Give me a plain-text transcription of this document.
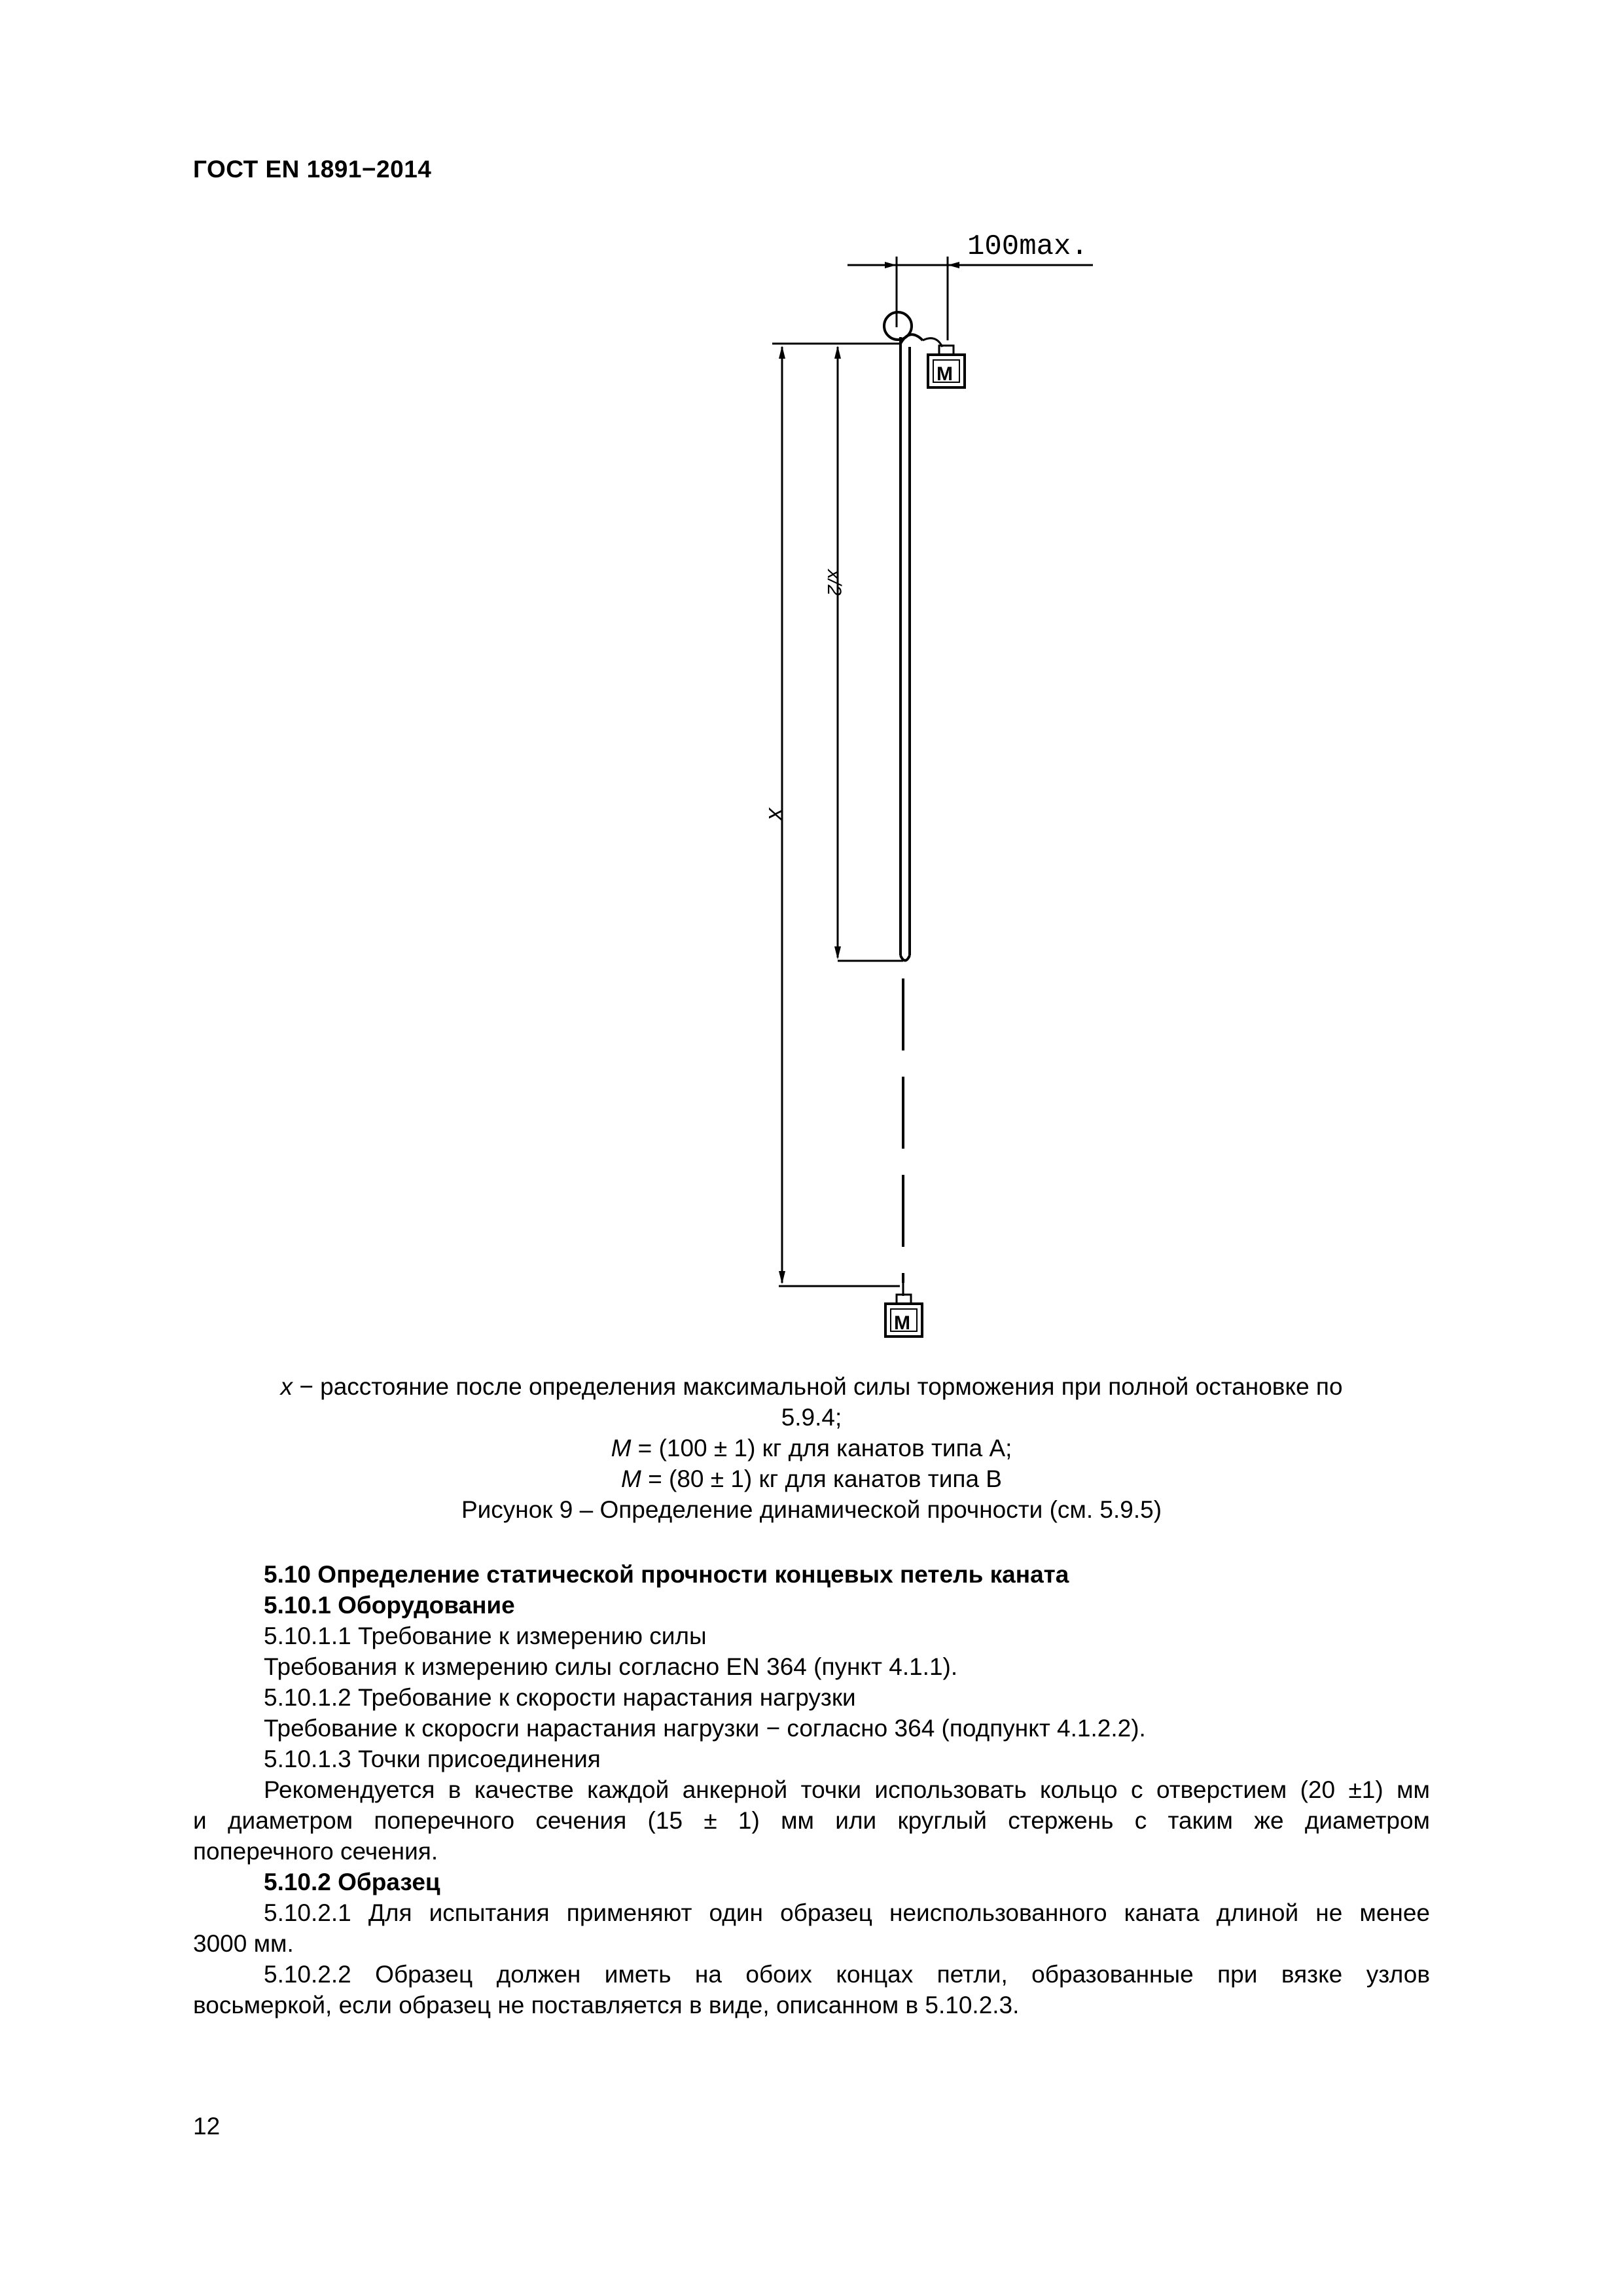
ГОСТ EN 1891−2014
100max.
M
x/2
x
M
x − расстояние после определения максимальной силы торможения при полной остановке по
5.9.4;
M = (100 ± 1) кг для канатов типа А;
M = (80 ± 1) кг для канатов типа В
Рисунок 9 – Определение динамической прочности (см. 5.9.5)
5.10 Определение статической прочности концевых петель каната
5.10.1 Оборудование
5.10.1.1 Требование к измерению силы
Требования к измерению силы согласно EN 364 (пункт 4.1.1).
5.10.1.2 Требование к скорости нарастания нагрузки
Требование к скоросги нарастания нагрузки − согласно 364 (подпункт 4.1.2.2).
5.10.1.3 Точки присоединения
Рекомендуется в качестве каждой анкерной точки использовать кольцо с отверстием (20 ±1) мм
и диаметром поперечного сечения (15 ± 1) мм или круглый стержень с таким же диаметром
поперечного сечения.
5.10.2 Образец
5.10.2.1 Для испытания применяют один образец неиспользованного каната длиной не менее
3000 мм.
5.10.2.2 Образец должен иметь на обоих концах петли, образованные при вязке узлов
восьмеркой, если образец не поставляется в виде, описанном в 5.10.2.3.
12
